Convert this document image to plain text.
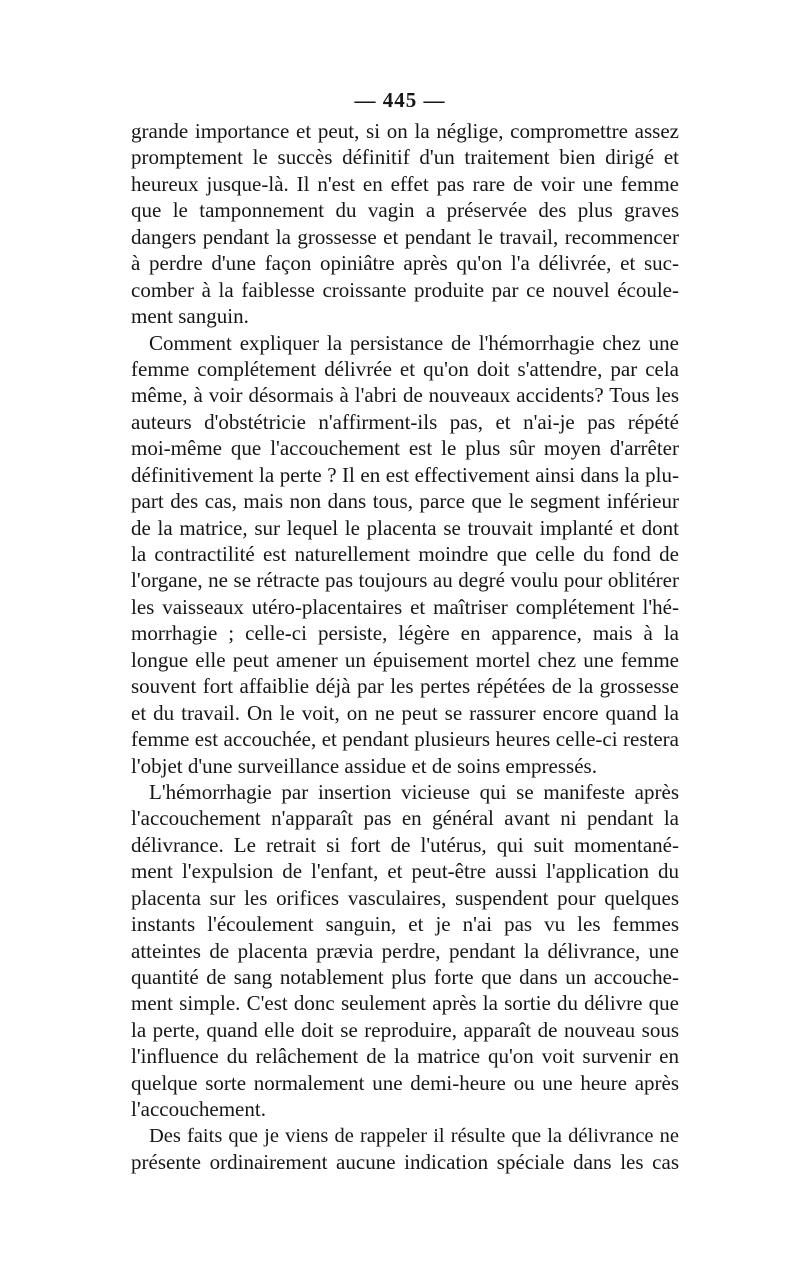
— 445 —
grande importance et peut, si on la néglige, compromettre assez
promptement le succès définitif d'un traitement bien dirigé et
heureux jusque-là. Il n'est en effet pas rare de voir une femme
que le tamponnement du vagin a préservée des plus graves
dangers pendant la grossesse et pendant le travail, recommencer
à perdre d'une façon opiniâtre après qu'on l'a délivrée, et suc-
comber à la faiblesse croissante produite par ce nouvel écoule-
ment sanguin.
Comment expliquer la persistance de l'hémorrhagie chez une
femme complétement délivrée et qu'on doit s'attendre, par cela
même, à voir désormais à l'abri de nouveaux accidents? Tous les
auteurs d'obstétricie n'affirment-ils pas, et n'ai-je pas répété
moi-même que l'accouchement est le plus sûr moyen d'arrêter
définitivement la perte ? Il en est effectivement ainsi dans la plu-
part des cas, mais non dans tous, parce que le segment inférieur
de la matrice, sur lequel le placenta se trouvait implanté et dont
la contractilité est naturellement moindre que celle du fond de
l'organe, ne se rétracte pas toujours au degré voulu pour oblitérer
les vaisseaux utéro-placentaires et maîtriser complétement l'hé-
morrhagie ; celle-ci persiste, légère en apparence, mais à la
longue elle peut amener un épuisement mortel chez une femme
souvent fort affaiblie déjà par les pertes répétées de la grossesse
et du travail. On le voit, on ne peut se rassurer encore quand la
femme est accouchée, et pendant plusieurs heures celle-ci restera
l'objet d'une surveillance assidue et de soins empressés.
L'hémorrhagie par insertion vicieuse qui se manifeste après
l'accouchement n'apparaît pas en général avant ni pendant la
délivrance. Le retrait si fort de l'utérus, qui suit momentané-
ment l'expulsion de l'enfant, et peut-être aussi l'application du
placenta sur les orifices vasculaires, suspendent pour quelques
instants l'écoulement sanguin, et je n'ai pas vu les femmes
atteintes de placenta prævia perdre, pendant la délivrance, une
quantité de sang notablement plus forte que dans un accouche-
ment simple. C'est donc seulement après la sortie du délivre que
la perte, quand elle doit se reproduire, apparaît de nouveau sous
l'influence du relâchement de la matrice qu'on voit survenir en
quelque sorte normalement une demi-heure ou une heure après
l'accouchement.
Des faits que je viens de rappeler il résulte que la délivrance ne
présente ordinairement aucune indication spéciale dans les cas
